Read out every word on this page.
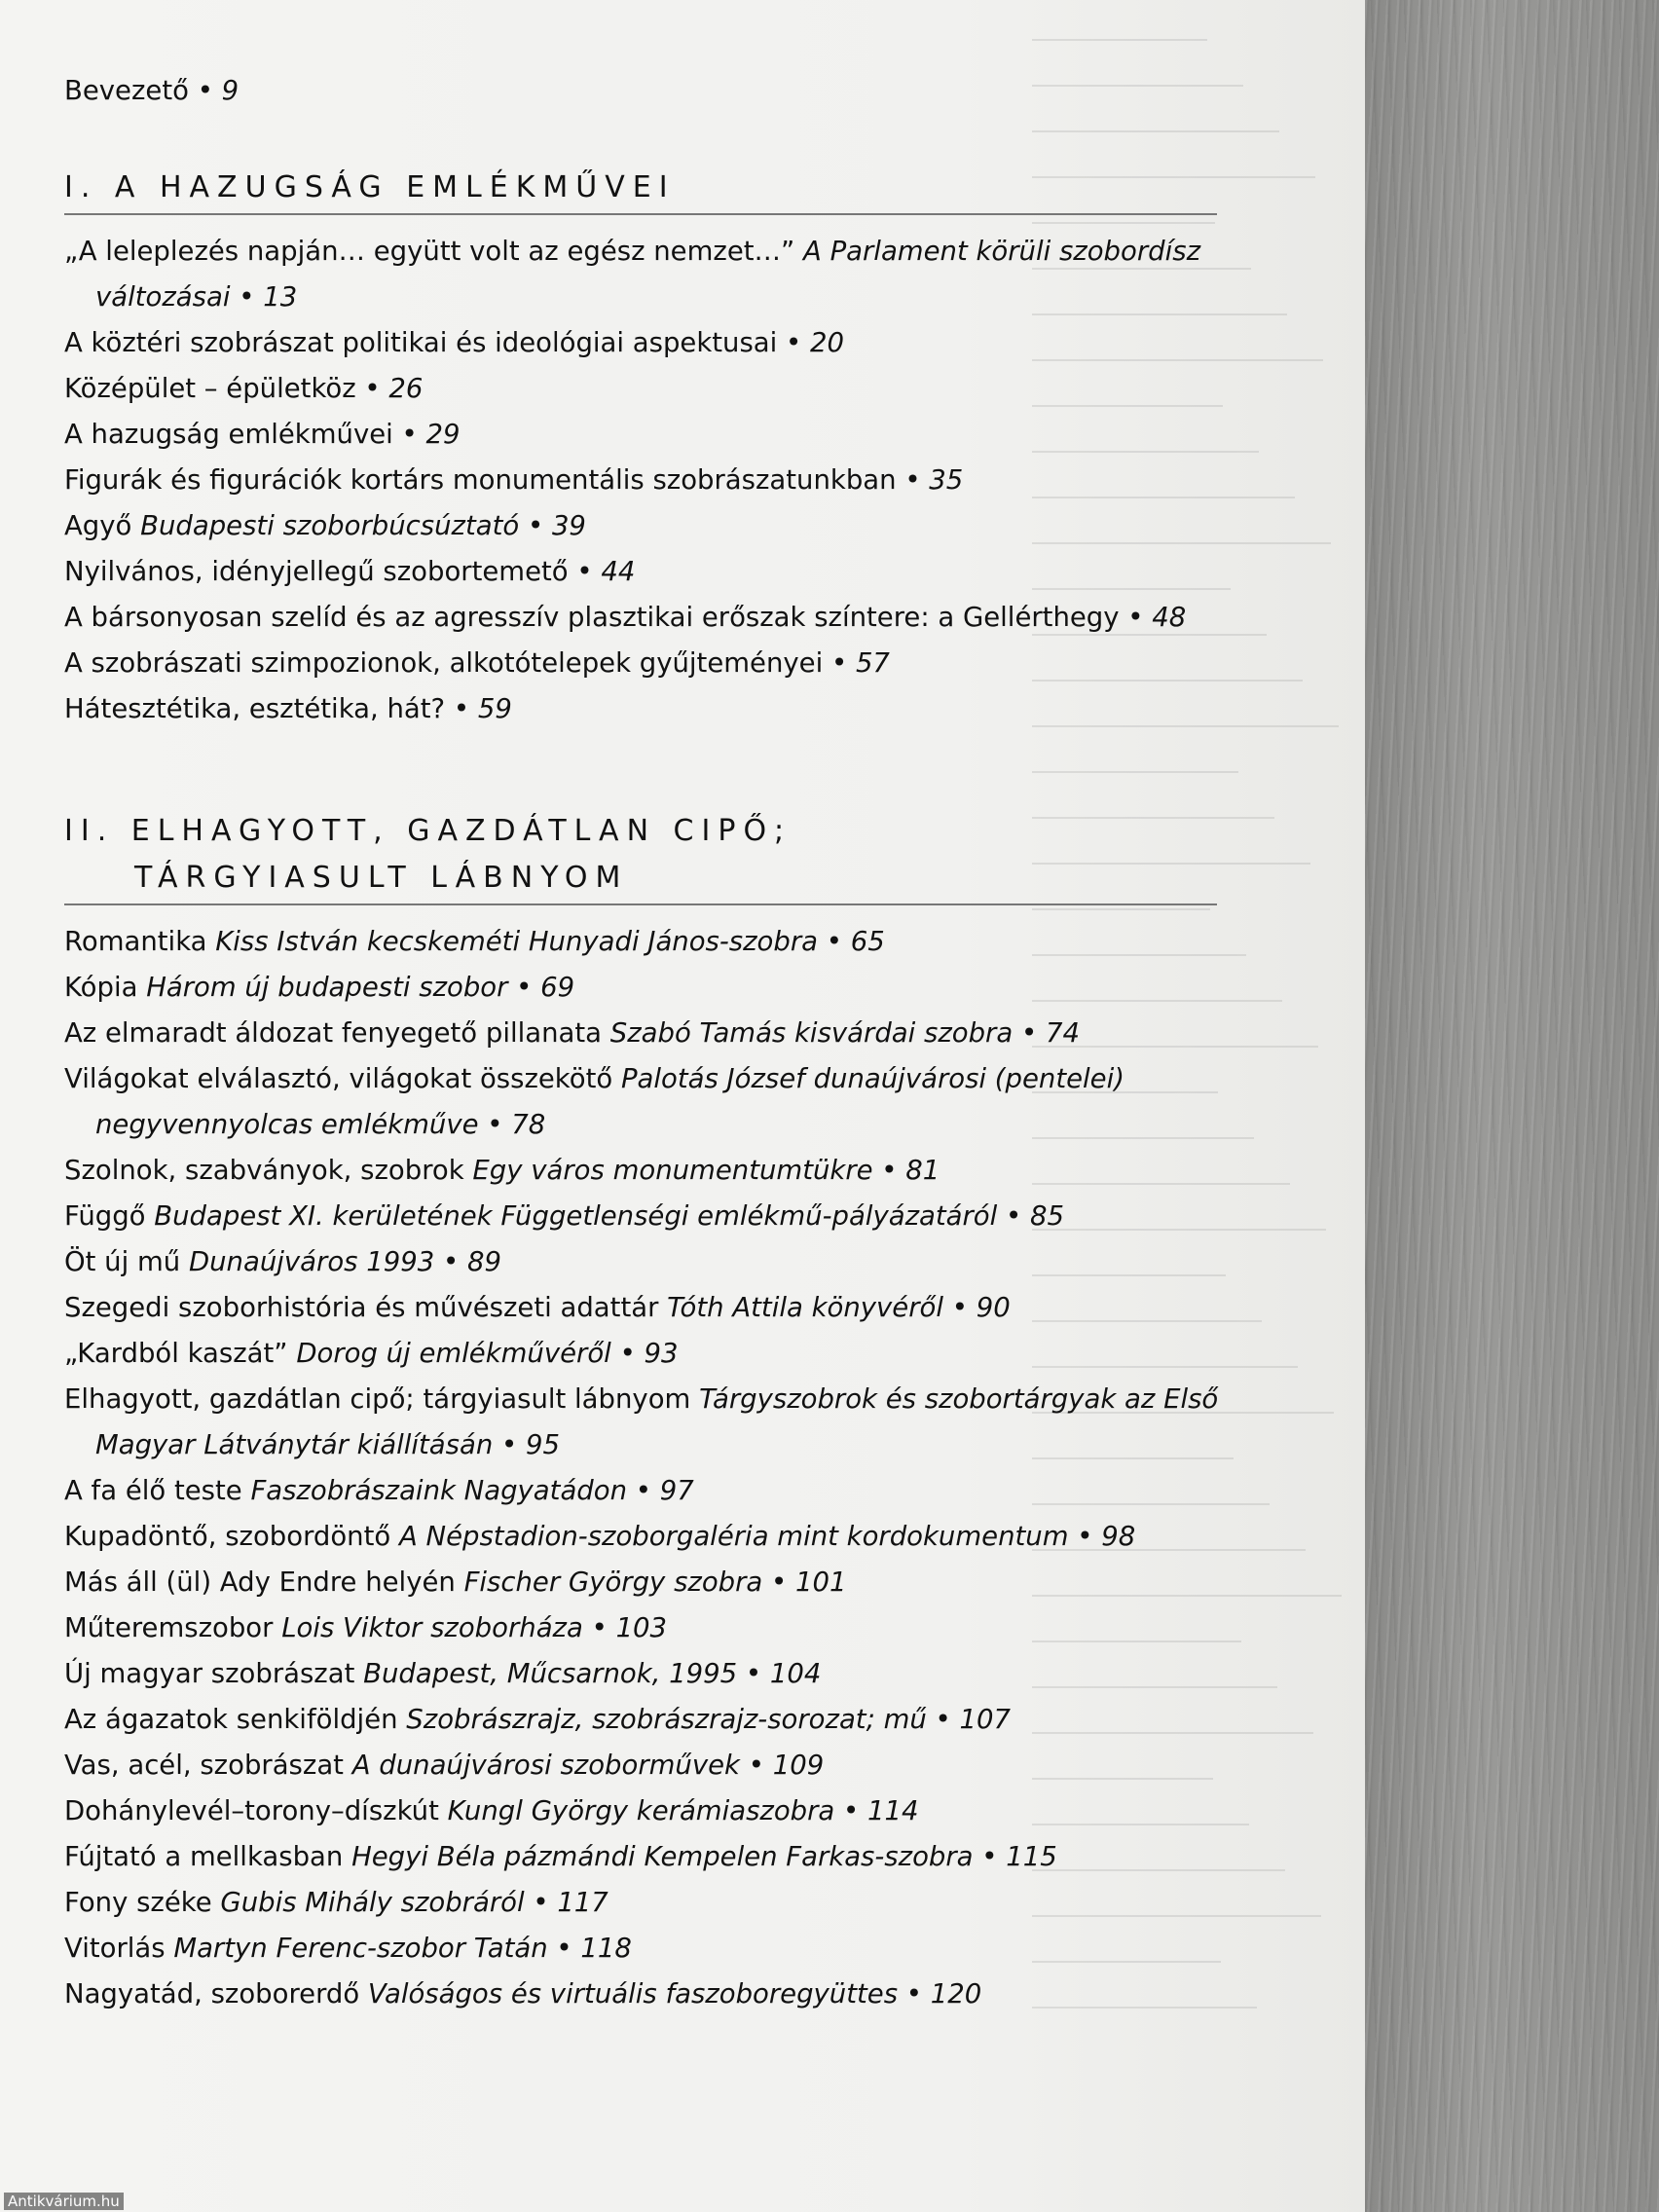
Bevezető • 9
I. A HAZUGSÁG EMLÉKMŰVEI
„A leleplezés napján… együtt volt az egész nemzet…” A Parlament körüli szobordísz változásai • 13
A köztéri szobrászat politikai és ideológiai aspektusai • 20
Középület – épületköz • 26
A hazugság emlékművei • 29
Figurák és figurációk kortárs monumentális szobrászatunkban • 35
Agyő Budapesti szoborbúcsúztató • 39
Nyilvános, idényjellegű szobortemető • 44
A bársonyosan szelíd és az agresszív plasztikai erőszak színtere: a Gellérthegy • 48
A szobrászati szimpozionok, alkotótelepek gyűjteményei • 57
Hátesztétika, esztétika, hát? • 59
II. ELHAGYOTT, GAZDÁTLAN CIPŐ;
TÁRGYIASULT LÁBNYOM
Romantika Kiss István kecskeméti Hunyadi János-szobra • 65
Kópia Három új budapesti szobor • 69
Az elmaradt áldozat fenyegető pillanata Szabó Tamás kisvárdai szobra • 74
Világokat elválasztó, világokat összekötő Palotás József dunaújvárosi (pentelei) negyvennyolcas emlékműve • 78
Szolnok, szabványok, szobrok Egy város monumentumtükre • 81
Függő Budapest XI. kerületének Függetlenségi emlékmű-pályázatáról • 85
Öt új mű Dunaújváros 1993 • 89
Szegedi szoborhistória és művészeti adattár Tóth Attila könyvéről • 90
„Kardból kaszát” Dorog új emlékművéről • 93
Elhagyott, gazdátlan cipő; tárgyiasult lábnyom Tárgyszobrok és szobortárgyak az Első Magyar Látványtár kiállításán • 95
A fa élő teste Faszobrászaink Nagyatádon • 97
Kupadöntő, szobordöntő A Népstadion-szoborgaléria mint kordokumentum • 98
Más áll (ül) Ady Endre helyén Fischer György szobra • 101
Műteremszobor Lois Viktor szoborháza • 103
Új magyar szobrászat Budapest, Műcsarnok, 1995 • 104
Az ágazatok senkiföldjén Szobrászrajz, szobrászrajz-sorozat; mű • 107
Vas, acél, szobrászat A dunaújvárosi szoborművek • 109
Dohánylevél–torony–díszkút Kungl György kerámiaszobra • 114
Fújtató a mellkasban Hegyi Béla pázmándi Kempelen Farkas-szobra • 115
Fony széke Gubis Mihály szobráról • 117
Vitorlás Martyn Ferenc-szobor Tatán • 118
Nagyatád, szoborerdő Valóságos és virtuális faszoboregyüttes • 120
Antikvárium.hu
